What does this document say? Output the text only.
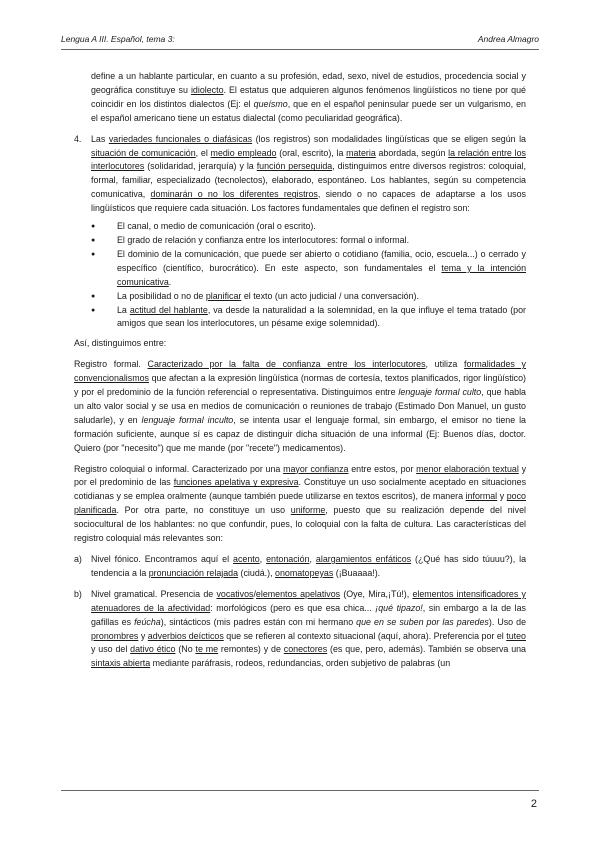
Lengua A III. Español, tema 3:	Andrea Almagro

define a un hablante particular, en cuanto a su profesión, edad, sexo, nivel de estudios, procedencia social y geográfica constituye su idiolecto. El estatus que adquieren algunos fenómenos lingüísticos no tiene por qué coincidir en los distintos dialectos (Ej: el queísmo, que en el español peninsular puede ser un vulgarismo, en el español americano tiene un estatus dialectal (como peculiaridad geográfica).

4.	Las variedades funcionales o diafásicas (los registros) son modalidades lingüísticas que se eligen según la situación de comunicación, el medio empleado (oral, escrito), la materia abordada, según la relación entre los interlocutores (solidaridad, jerarquía) y la función perseguida, distinguimos entre diversos registros: coloquial, formal, familiar, especializado (tecnolectos), elaborado, espontáneo. Los hablantes, según su competencia comunicativa, dominarán o no los diferentes registros, siendo o no capaces de adaptarse a los usos lingüísticos que requiere cada situación. Los factores fundamentales que definen el registro son:
● El canal, o medio de comunicación (oral o escrito).
● El grado de relación y confianza entre los interlocutores: formal o informal.
● El dominio de la comunicación, que puede ser abierto o cotidiano (familia, ocio, escuela...) o cerrado y específico (científico, burocrático). En este aspecto, son fundamentales el tema y la intención comunicativa.
● La posibilidad o no de planificar el texto (un acto judicial / una conversación).
● La actitud del hablante, va desde la naturalidad a la solemnidad, en la que influye el tema tratado (por amigos que sean los interlocutores, un pésame exige solemnidad).

Así, distinguimos entre:

Registro formal. Caracterizado por la falta de confianza entre los interlocutores, utiliza formalidades y convencionalismos que afectan a la expresión lingüística (normas de cortesía, textos planificados, rigor lingüístico) y por el predominio de la función referencial o representativa. Distinguimos entre lenguaje formal culto, que habla un alto valor social y se usa en medios de comunicación o reuniones de trabajo (Estimado Don Manuel, un gusto saludarle), y en lenguaje formal inculto, se intenta usar el lenguaje formal, sin embargo, el emisor no tiene la formación suficiente, aunque sí es capaz de distinguir dicha situación de una informal (Ej: Buenos días, doctor. Quiero (por "necesito") que me mande (por "recete") medicamentos).

Registro coloquial o informal. Caracterizado por una mayor confianza entre estos, por menor elaboración textual y por el predominio de las funciones apelativa y expresiva. Constituye un uso socialmente aceptado en situaciones cotidianas y se emplea oralmente (aunque también puede utilizarse en textos escritos), de manera informal y poco planificada. Por otra parte, no constituye un uso uniforme, puesto que su realización depende del nivel sociocultural de los hablantes: no que confundir, pues, lo coloquial con la falta de cultura. Las características del registro coloquial más relevantes son:

a)	Nivel fónico. Encontramos aquí el acento, entonación, alargamientos enfáticos (¿Qué has sido túuuu?), la tendencia a la pronunciación relajada (ciudá.), onomatopeyas (¡Buaaaa!).
b)	Nivel gramatical. Presencia de vocativos/elementos apelativos (Oye, Mira,¡Tú!), elementos intensificadores y atenuadores de la afectividad: morfológicos (pero es que esa chica... ¡qué tipazo!, sin embargo a la de las gafillas es feúcha), sintácticos (mis padres están con mi hermano que en se suben por las paredes). Uso de pronombres y adverbios deícticos que se refieren al contexto situacional (aquí, ahora). Preferencia por el tuteo y uso del dativo ético (No te me remontes) y de conectores (es que, pero, además). También se observa una sintaxis abierta mediante paráfrasis, rodeos, redundancias, orden subjetivo de palabras (un
2
